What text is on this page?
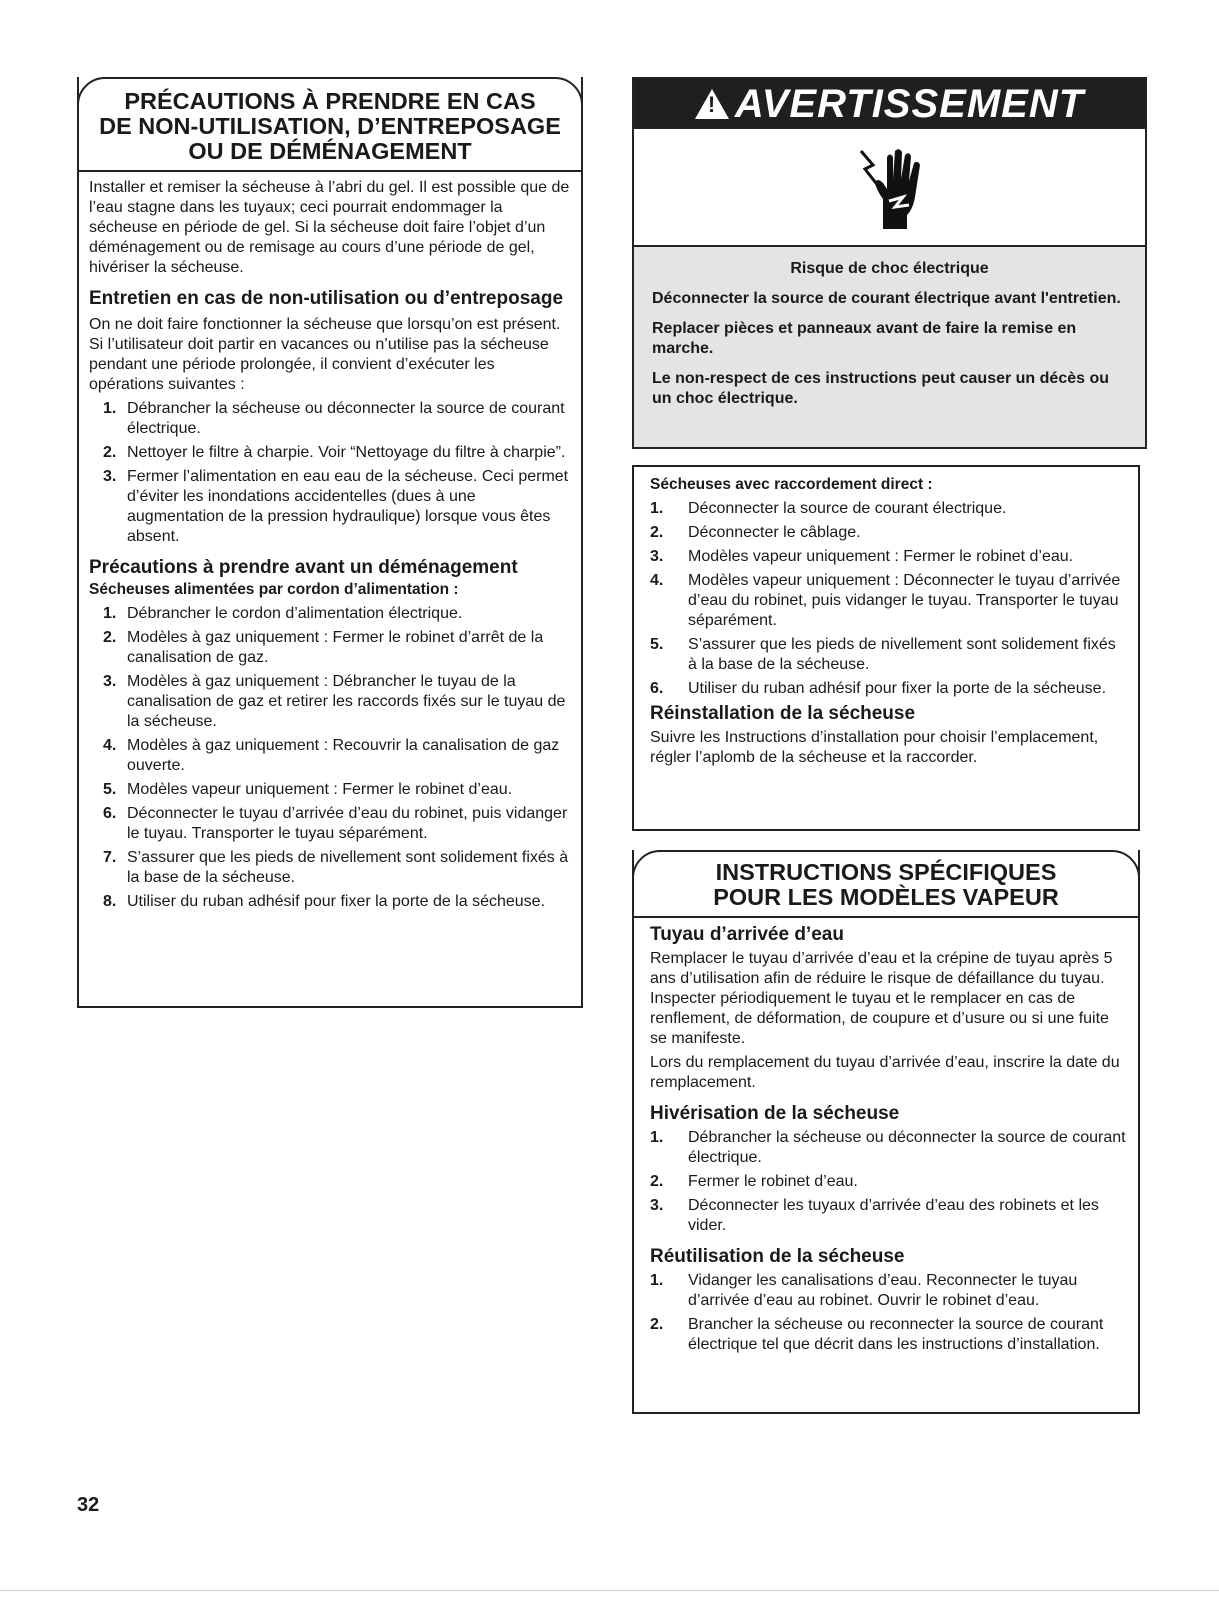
PRÉCAUTIONS À PRENDRE EN CAS
DE NON-UTILISATION, D’ENTREPOSAGE
OU DE DÉMÉNAGEMENT

Installer et remiser la sécheuse à l’abri du gel. Il est possible que de l’eau stagne dans les tuyaux; ceci pourrait endommager la sécheuse en période de gel. Si la sécheuse doit faire l’objet d’un déménagement ou de remisage au cours d’une période de gel, hivériser la sécheuse.

Entretien en cas de non-utilisation ou d’entreposage

On ne doit faire fonctionner la sécheuse que lorsqu’on est présent. Si l’utilisateur doit partir en vacances ou n’utilise pas la sécheuse pendant une période prolongée, il convient d’exécuter les opérations suivantes :

1. Débrancher la sécheuse ou déconnecter la source de courant électrique.
2. Nettoyer le filtre à charpie. Voir “Nettoyage du filtre à charpie”.
3. Fermer l’alimentation en eau eau de la sécheuse. Ceci permet d’éviter les inondations accidentelles (dues à une augmentation de la pression hydraulique) lorsque vous êtes absent.
Précautions à prendre avant un déménagement
Sécheuses alimentées par cordon d’alimentation :
1. Débrancher le cordon d’alimentation électrique.
2. Modèles à gaz uniquement : Fermer le robinet d’arrêt de la canalisation de gaz.
3. Modèles à gaz uniquement : Débrancher le tuyau de la canalisation de gaz et retirer les raccords fixés sur le tuyau de la sécheuse.
4. Modèles à gaz uniquement : Recouvrir la canalisation de gaz ouverte.
5. Modèles vapeur uniquement : Fermer le robinet d’eau.
6. Déconnecter le tuyau d’arrivée d’eau du robinet, puis vidanger le tuyau. Transporter le tuyau séparément.
7. S’assurer que les pieds de nivellement sont solidement fixés à la base de la sécheuse.
8. Utiliser du ruban adhésif pour fixer la porte de la sécheuse.
! AVERTISSEMENT

Risque de choc électrique

Déconnecter la source de courant électrique avant l'entretien.

Replacer pièces et panneaux avant de faire la remise en marche.

Le non-respect de ces instructions peut causer un décès ou un choc électrique.

Sécheuses avec raccordement direct :
1. Déconnecter la source de courant électrique.
2. Déconnecter le câblage.
3. Modèles vapeur uniquement : Fermer le robinet d’eau.
4. Modèles vapeur uniquement : Déconnecter le tuyau d’arrivée d’eau du robinet, puis vidanger le tuyau. Transporter le tuyau séparément.
5. S’assurer que les pieds de nivellement sont solidement fixés à la base de la sécheuse.
6. Utiliser du ruban adhésif pour fixer la porte de la sécheuse.
Réinstallation de la sécheuse

Suivre les Instructions d’installation pour choisir l’emplacement, régler l’aplomb de la sécheuse et la raccorder.

INSTRUCTIONS SPÉCIFIQUES
POUR LES MODÈLES VAPEUR
Tuyau d’arrivée d’eau

Remplacer le tuyau d’arrivée d’eau et la crépine de tuyau après 5 ans d’utilisation afin de réduire le risque de défaillance du tuyau. Inspecter périodiquement le tuyau et le remplacer en cas de renflement, de déformation, de coupure et d’usure ou si une fuite se manifeste.

Lors du remplacement du tuyau d’arrivée d’eau, inscrire la date du remplacement.

Hivérisation de la sécheuse
1. Débrancher la sécheuse ou déconnecter la source de courant électrique.
2. Fermer le robinet d’eau.
3. Déconnecter les tuyaux d’arrivée d’eau des robinets et les vider.
Réutilisation de la sécheuse
1. Vidanger les canalisations d’eau. Reconnecter le tuyau d’arrivée d’eau au robinet. Ouvrir le robinet d’eau.
2. Brancher la sécheuse ou reconnecter la source de courant électrique tel que décrit dans les instructions d’installation.
32
